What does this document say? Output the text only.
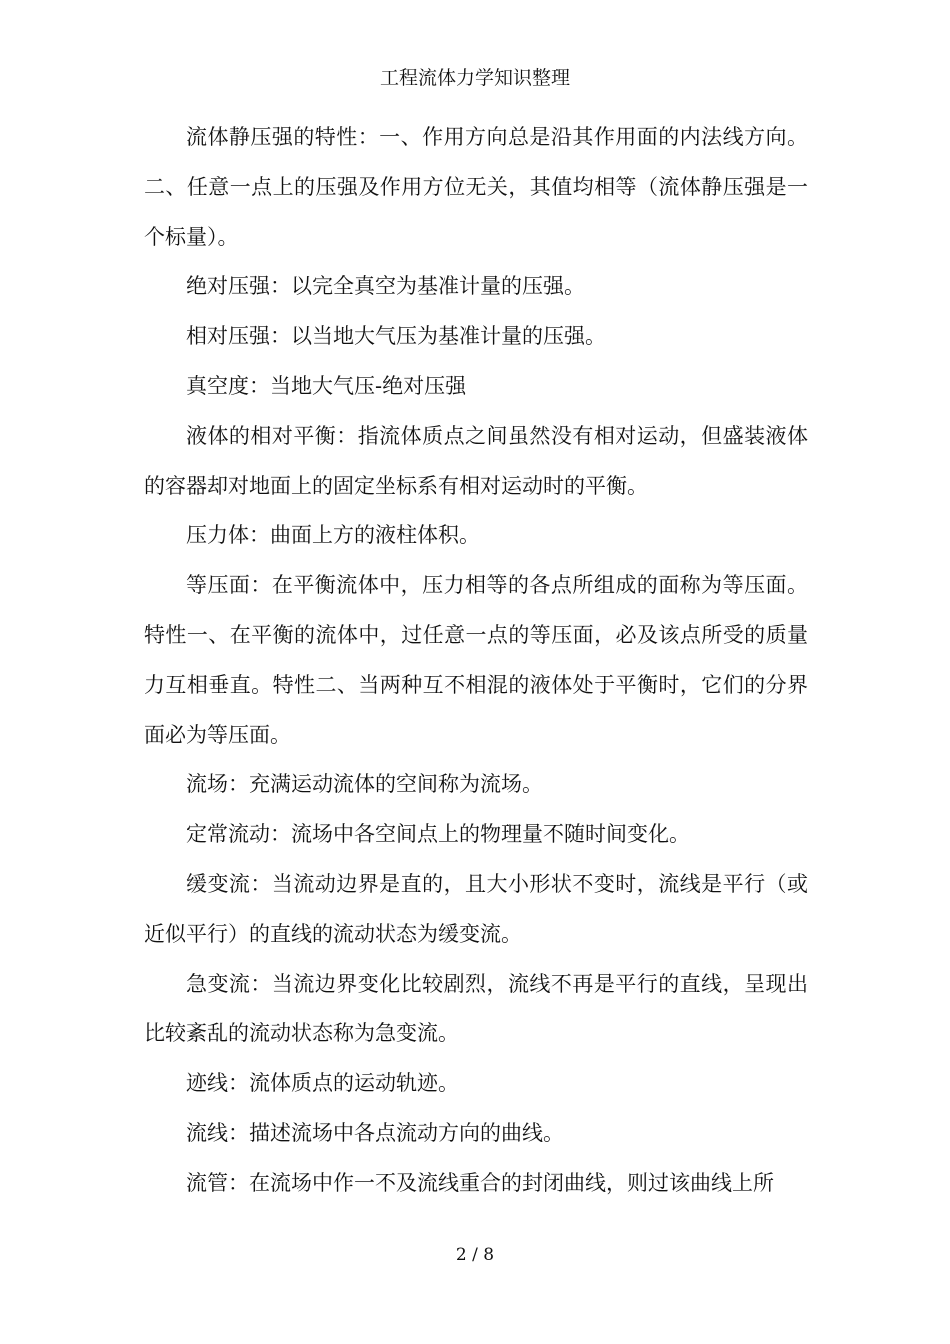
工程流体力学知识整理

流体静压强的特性：一、作用方向总是沿其作用面的内法线方向。二、任意一点上的压强及作用方位无关，其值均相等（流体静压强是一个标量）。

绝对压强：以完全真空为基准计量的压强。

相对压强：以当地大气压为基准计量的压强。

真空度：当地大气压-绝对压强

液体的相对平衡：指流体质点之间虽然没有相对运动，但盛装液体的容器却对地面上的固定坐标系有相对运动时的平衡。

压力体：曲面上方的液柱体积。

等压面：在平衡流体中，压力相等的各点所组成的面称为等压面。特性一、在平衡的流体中，过任意一点的等压面，必及该点所受的质量力互相垂直。特性二、当两种互不相混的液体处于平衡时，它们的分界面必为等压面。

流场：充满运动流体的空间称为流场。

定常流动：流场中各空间点上的物理量不随时间变化。

缓变流：当流动边界是直的，且大小形状不变时，流线是平行（或近似平行）的直线的流动状态为缓变流。

急变流：当流边界变化比较剧烈，流线不再是平行的直线，呈现出比较紊乱的流动状态称为急变流。

迹线：流体质点的运动轨迹。

流线：描述流场中各点流动方向的曲线。

流管：在流场中作一不及流线重合的封闭曲线，则过该曲线上所

2 / 8
